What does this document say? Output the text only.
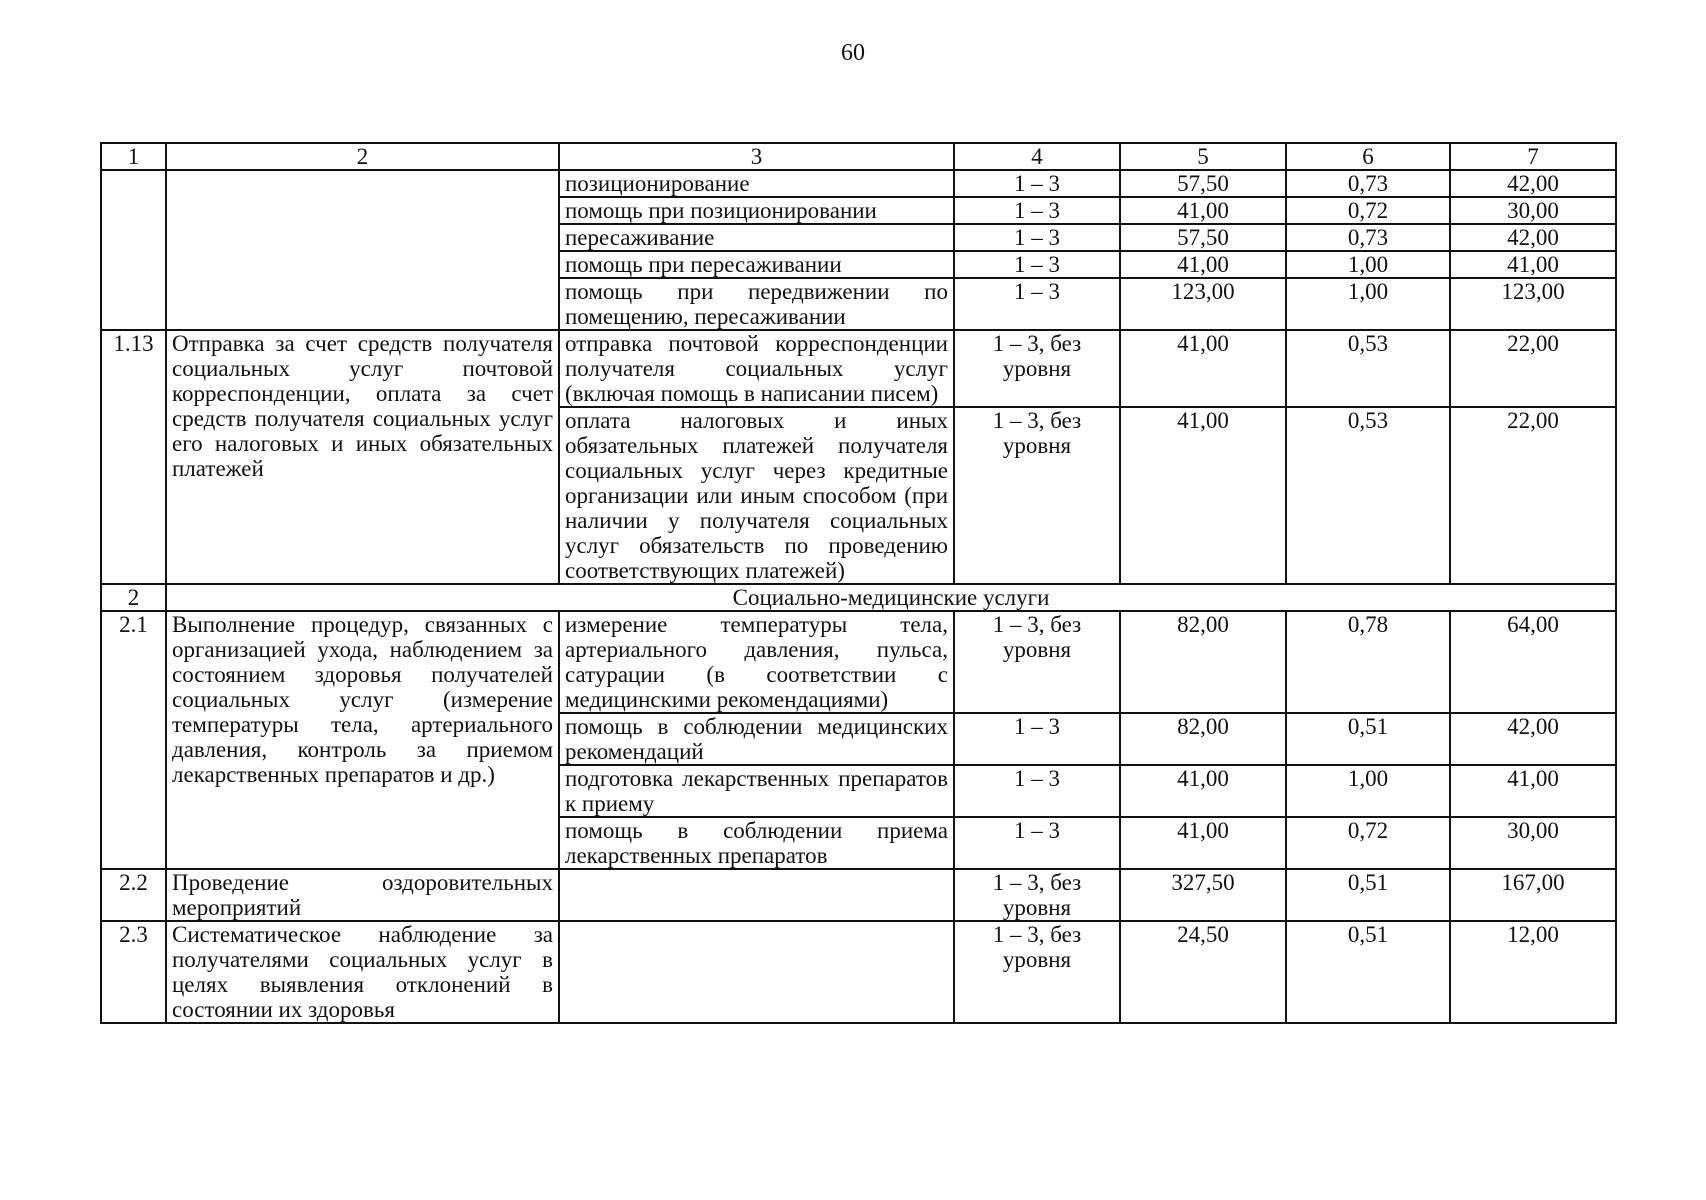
60
1	2	3	4	5	6	7
		позиционирование	1 – 3	57,50	0,73	42,00
		помощь при позиционировании	1 – 3	41,00	0,72	30,00
		пересаживание	1 – 3	57,50	0,73	42,00
		помощь при пересаживании	1 – 3	41,00	1,00	41,00
		помощь при передвижении по помещению, пересаживании	1 – 3	123,00	1,00	123,00
1.13	Отправка за счет средств получателя социальных услуг почтовой корреспонденции, оплата за счет средств получателя социальных услуг его налоговых и иных обязательных платежей	отправка почтовой корреспонденции получателя социальных услуг (включая помощь в написании писем)	1 – 3, без уровня	41,00	0,53	22,00
		оплата налоговых и иных обязательных платежей получателя социальных услуг через кредитные организации или иным способом (при наличии у получателя социальных услуг обязательств по проведению соответствующих платежей)	1 – 3, без уровня	41,00	0,53	22,00
2	Социально-медицинские услуги					
2.1	Выполнение процедур, связанных с организацией ухода, наблюдением за состоянием здоровья получателей социальных услуг (измерение температуры тела, артериального давления, контроль за приемом лекарственных препаратов и др.)	измерение температуры тела, артериального давления, пульса, сатурации (в соответствии с медицинскими рекомендациями)	1 – 3, без уровня	82,00	0,78	64,00
		помощь в соблюдении медицинских рекомендаций	1 – 3	82,00	0,51	42,00
		подготовка лекарственных препаратов к приему	1 – 3	41,00	1,00	41,00
		помощь в соблюдении приема лекарственных препаратов	1 – 3	41,00	0,72	30,00
2.2	Проведение оздоровительных мероприятий		1 – 3, без уровня	327,50	0,51	167,00
2.3	Систематическое наблюдение за получателями социальных услуг в целях выявления отклонений в состоянии их здоровья		1 – 3, без уровня	24,50	0,51	12,00
